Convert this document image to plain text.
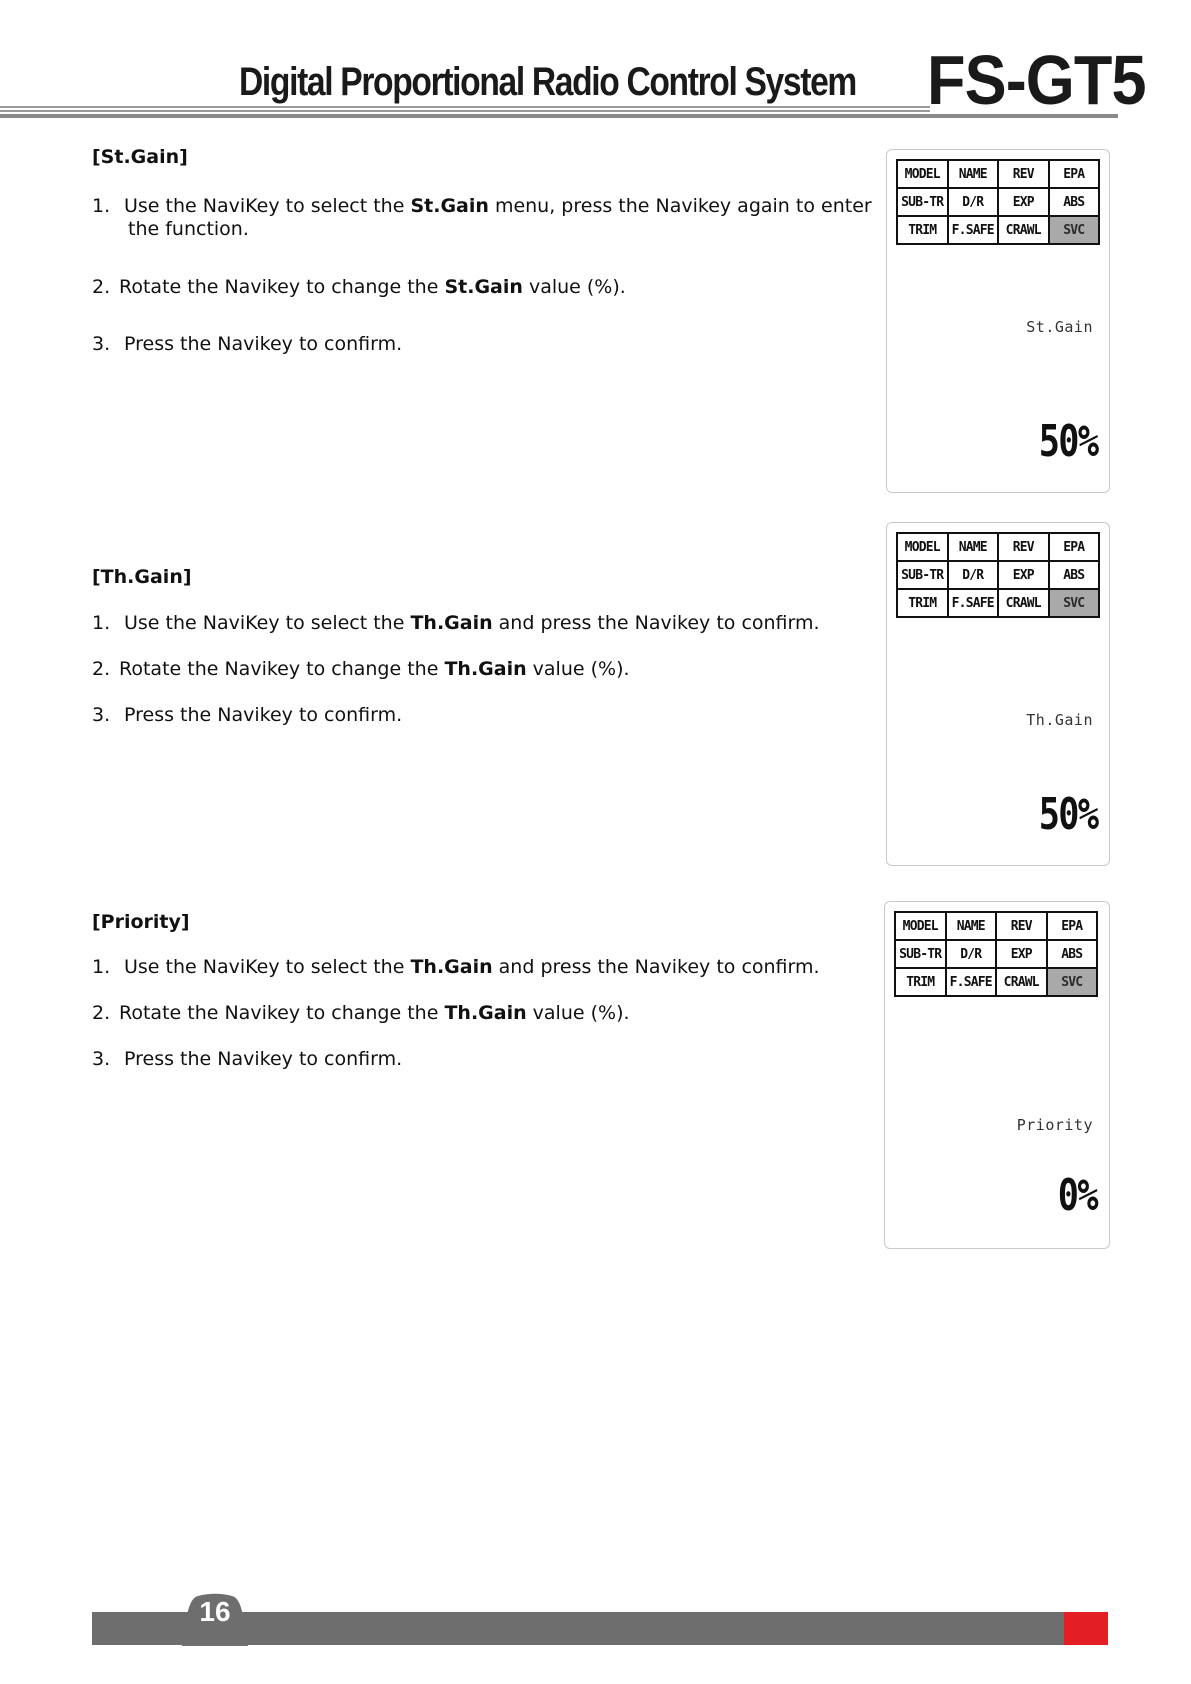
Digital Proportional Radio Control System FS-GT5
[St.Gain]
1. Use the NaviKey to select the St.Gain menu, press the Navikey again to enter
the function.
2. Rotate the Navikey to change the St.Gain value (%).
3. Press the Navikey to confirm.
MODEL	NAME	REV	EPA
SUB-TR	D/R	EXP	ABS
TRIM	F.SAFE	CRAWL	SVC
St.Gain
50%
[Th.Gain]
1. Use the NaviKey to select the Th.Gain and press the Navikey to confirm.
2. Rotate the Navikey to change the Th.Gain value (%).
3. Press the Navikey to confirm.
MODEL	NAME	REV	EPA
SUB-TR	D/R	EXP	ABS
TRIM	F.SAFE	CRAWL	SVC
Th.Gain
50%
[Priority]
1. Use the NaviKey to select the Th.Gain and press the Navikey to confirm.
2. Rotate the Navikey to change the Th.Gain value (%).
3. Press the Navikey to confirm.
MODEL	NAME	REV	EPA
SUB-TR	D/R	EXP	ABS
TRIM	F.SAFE	CRAWL	SVC
Priority
0%
16
